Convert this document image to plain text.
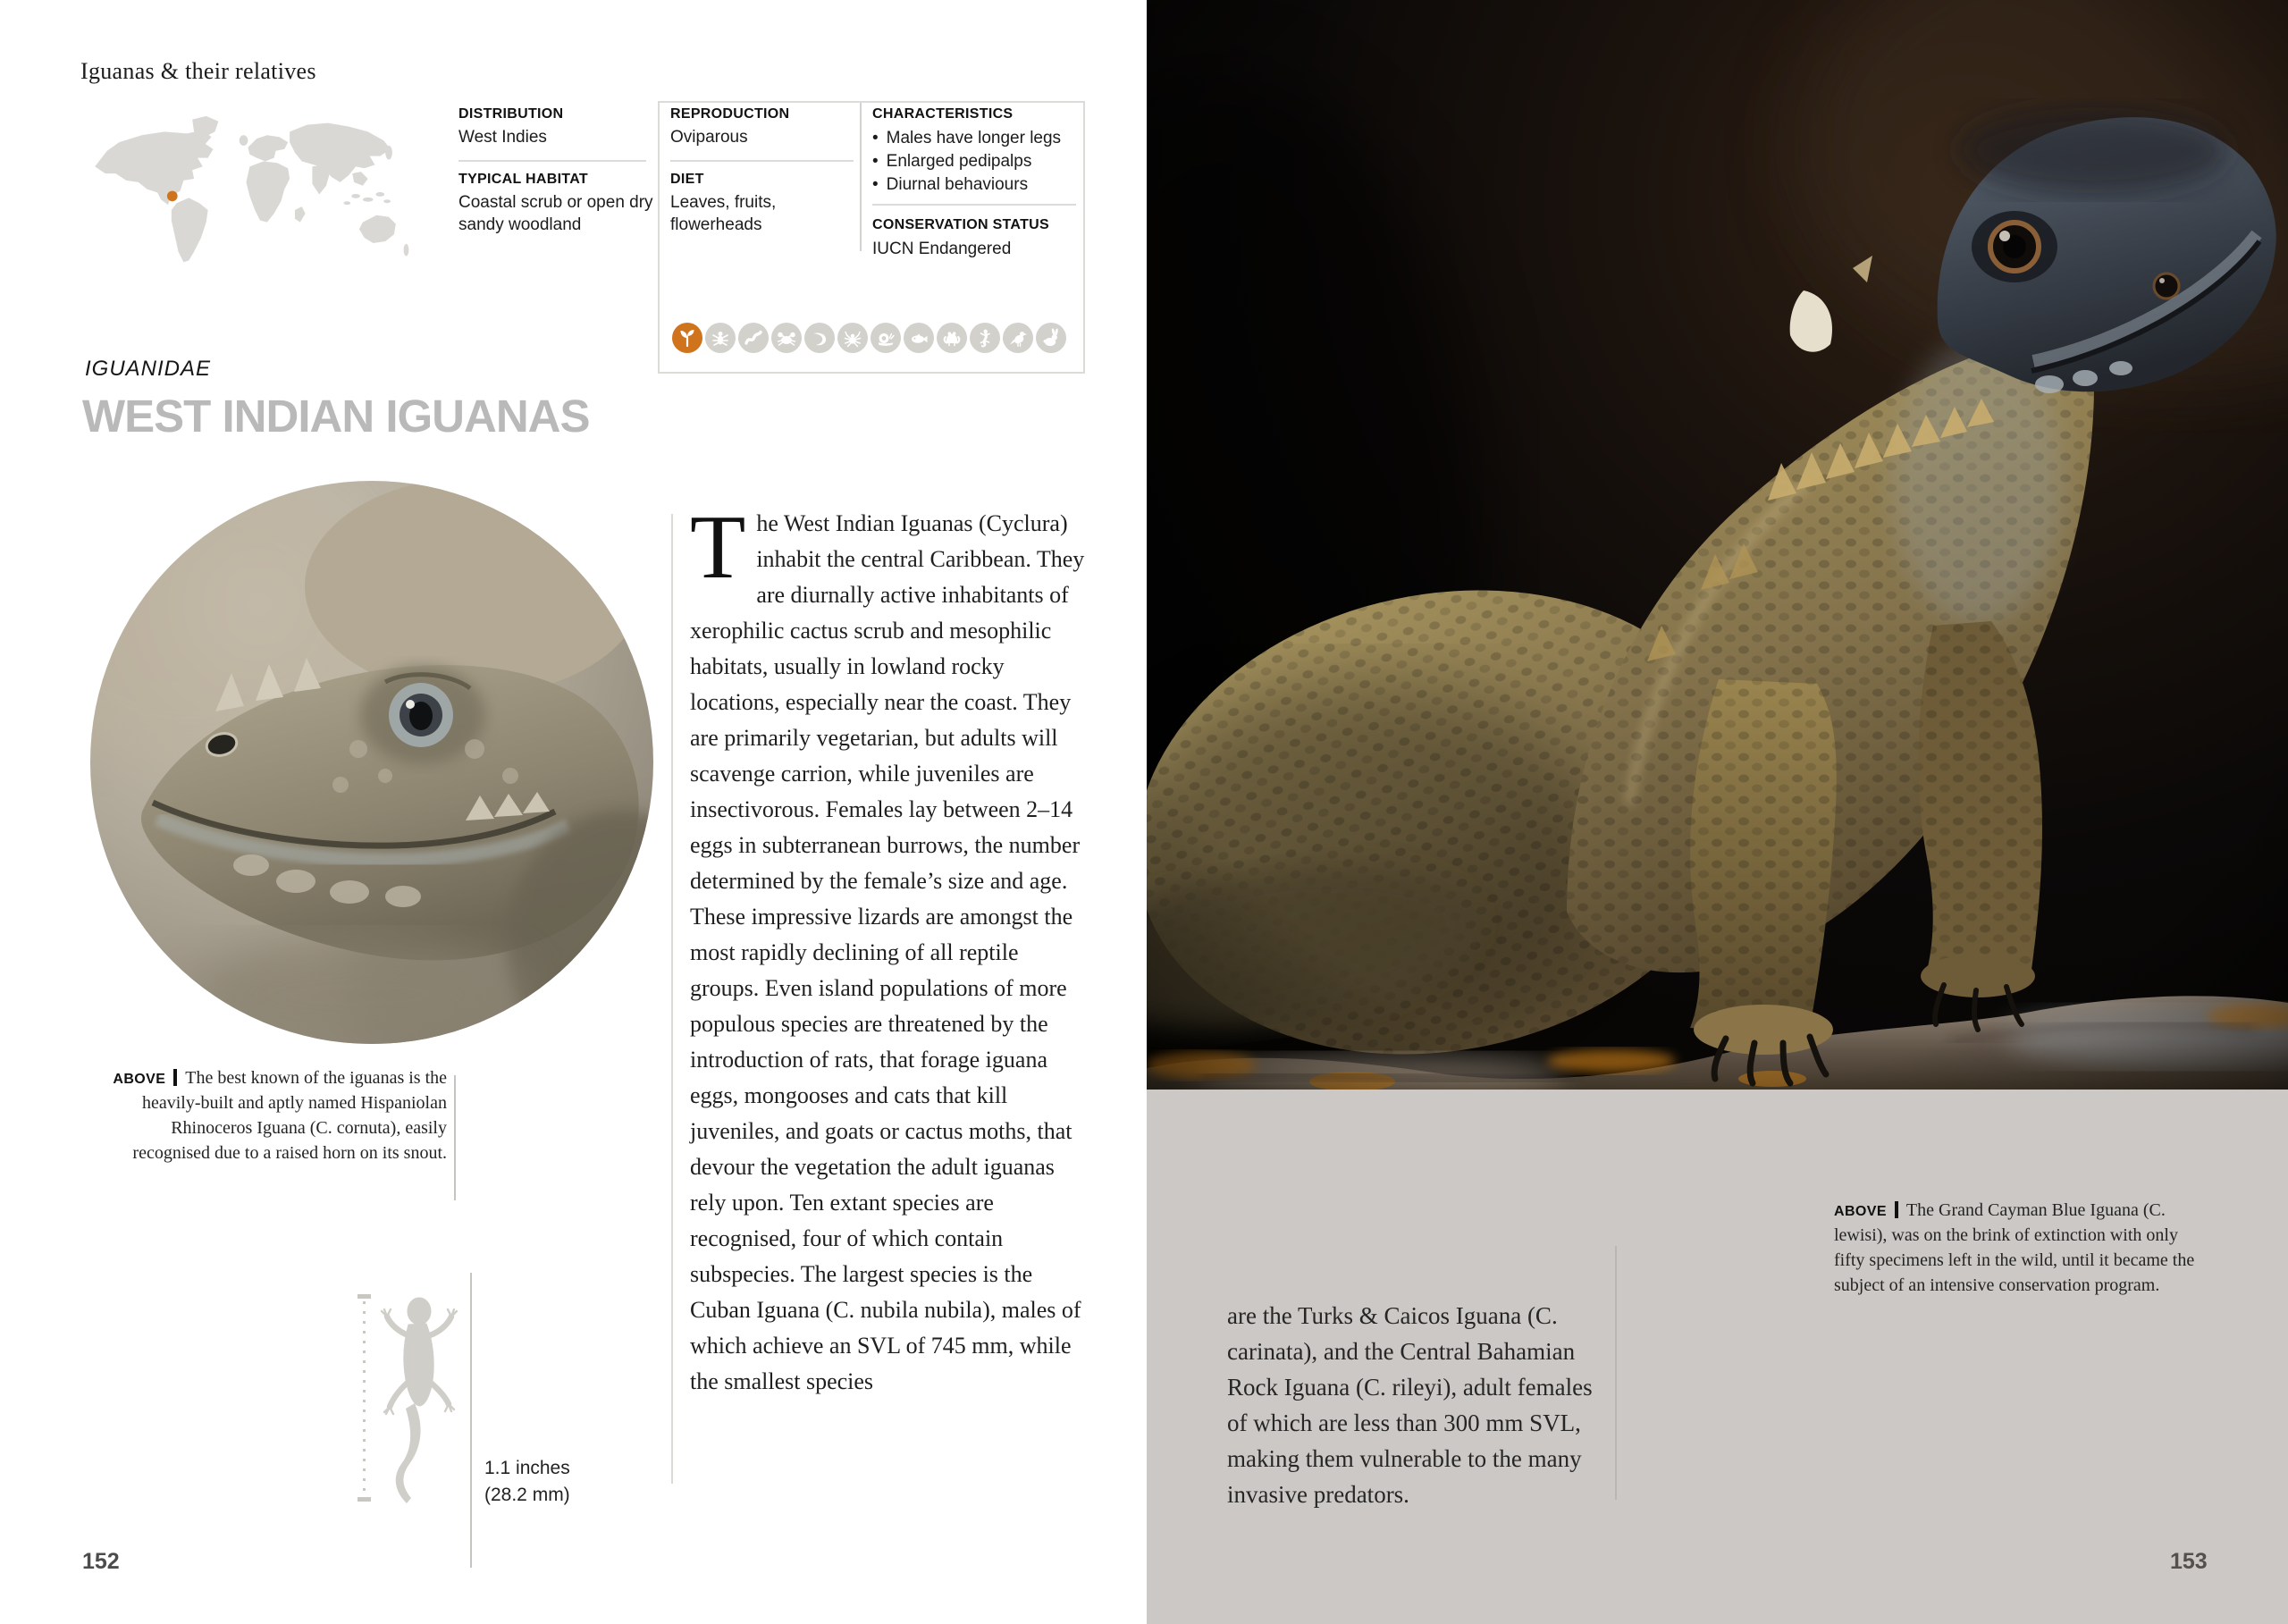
Iguanas & their relatives
DISTRIBUTION
West Indies
TYPICAL HABITAT
Coastal scrub or open dry sandy woodland
REPRODUCTION
Oviparous
DIET
Leaves, fruits, flowerheads
CHARACTERISTICS
• Males have longer legs
• Enlarged pedipalps
• Diurnal behaviours
CONSERVATION STATUS
IUCN Endangered
IGUANIDAE
WEST INDIAN IGUANAS
ABOVE The best known of the iguanas is the heavily-built and aptly named Hispaniolan Rhinoceros Iguana (C. cornuta), easily recognised due to a raised horn on its snout.
1.1 inches
(28.2 mm)
The West Indian Iguanas (Cyclura) inhabit the central Caribbean. They are diurnally active inhabitants of xerophilic cactus scrub and mesophilic habitats, usually in lowland rocky locations, especially near the coast. They are primarily vegetarian, but adults will scavenge carrion, while juveniles are insectivorous. Females lay between 2–14 eggs in subterranean burrows, the number determined by the female’s size and age. These impressive lizards are amongst the most rapidly declining of all reptile groups. Even island populations of more populous species are threatened by the introduction of rats, that forage iguana eggs, mongooses and cats that kill juveniles, and goats or cactus moths, that devour the vegetation the adult iguanas rely upon. Ten extant species are recognised, four of which contain subspecies. The largest species is the Cuban Iguana (C. nubila nubila), males of which achieve an SVL of 745 mm, while the smallest species
152
ABOVE The Grand Cayman Blue Iguana (C. lewisi), was on the brink of extinction with only fifty specimens left in the wild, until it became the subject of an intensive conservation program.
are the Turks & Caicos Iguana (C. carinata), and the Central Bahamian Rock Iguana (C. rileyi), adult females of which are less than 300 mm SVL, making them vulnerable to the many invasive predators.
153
